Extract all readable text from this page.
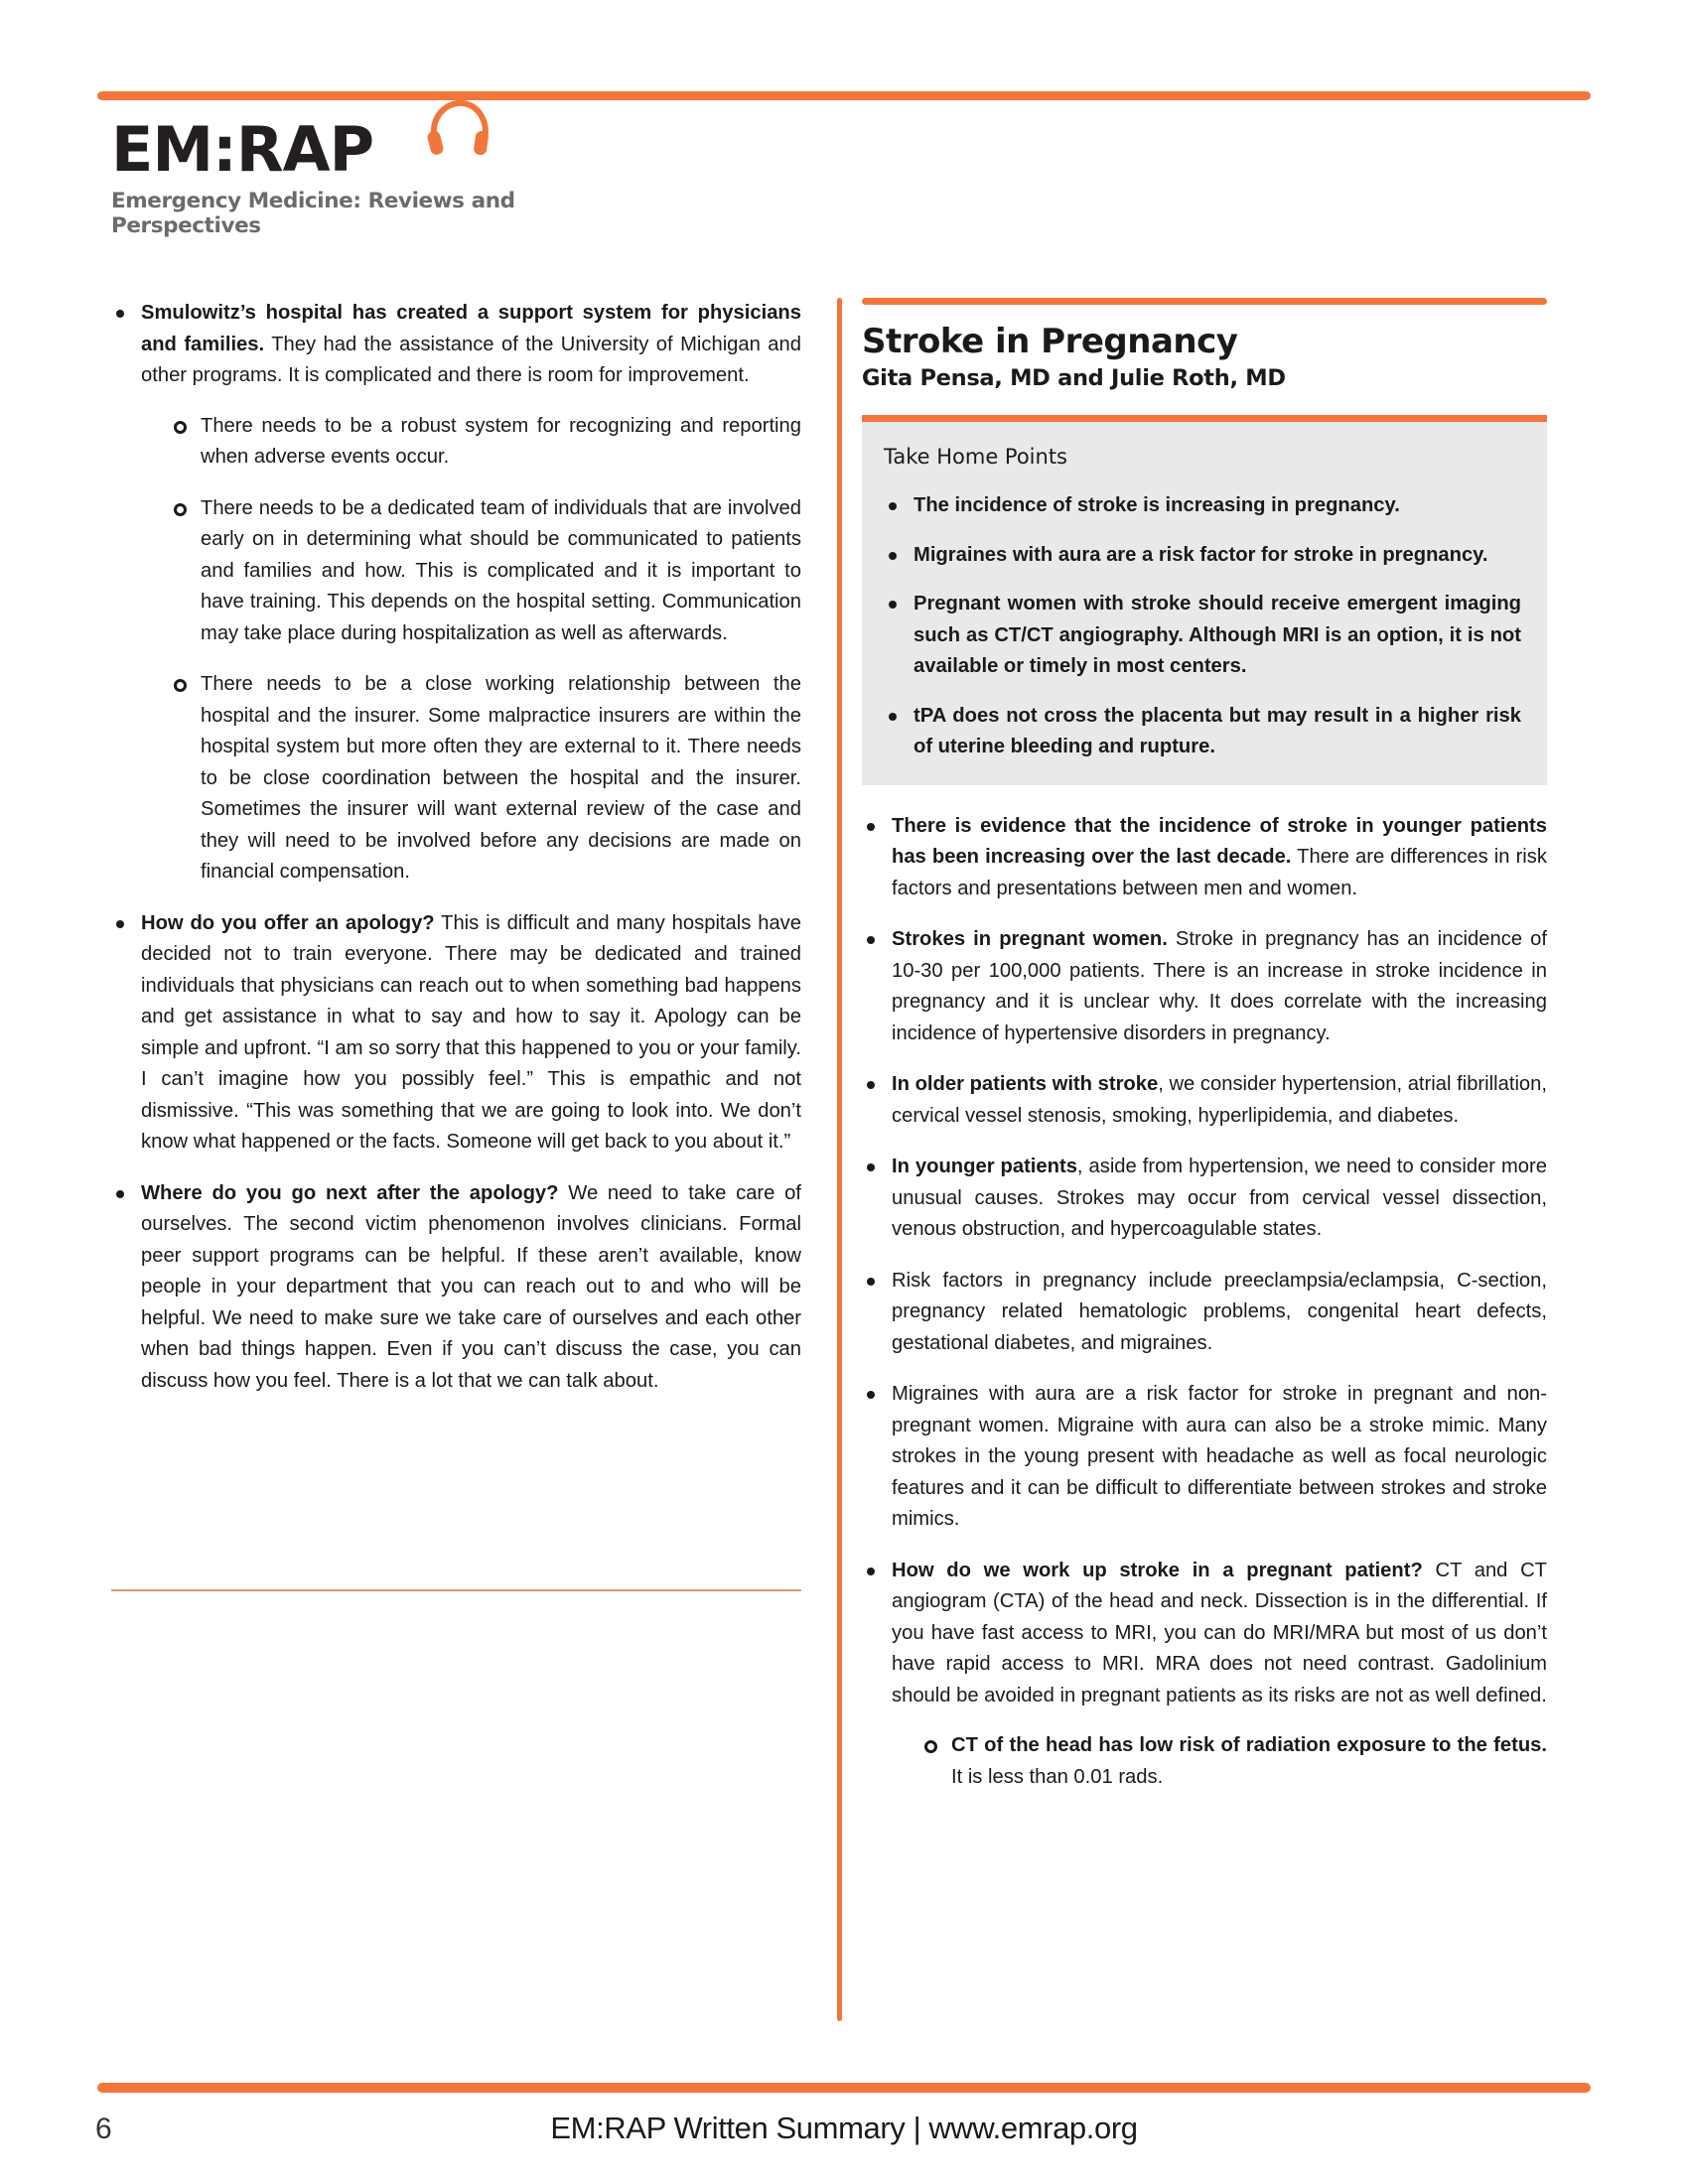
EM:RAP
Emergency Medicine: Reviews and Perspectives
Smulowitz’s hospital has created a support system for physicians and families. They had the assistance of the University of Michigan and other programs. It is complicated and there is room for improvement.
There needs to be a robust system for recognizing and reporting when adverse events occur.
There needs to be a dedicated team of individuals that are involved early on in determining what should be communicated to patients and families and how. This is complicated and it is important to have training. This depends on the hospital setting. Communication may take place during hospitalization as well as afterwards.
There needs to be a close working relationship between the hospital and the insurer. Some malpractice insurers are within the hospital system but more often they are external to it. There needs to be close coordination between the hospital and the insurer. Sometimes the insurer will want external review of the case and they will need to be involved before any decisions are made on financial compensation.
How do you offer an apology? This is difficult and many hospitals have decided not to train everyone. There may be dedicated and trained individuals that physicians can reach out to when something bad happens and get assistance in what to say and how to say it. Apology can be simple and upfront. “I am so sorry that this happened to you or your family. I can’t imagine how you possibly feel.” This is empathic and not dismissive. “This was something that we are going to look into. We don’t know what happened or the facts. Someone will get back to you about it.”
Where do you go next after the apology? We need to take care of ourselves. The second victim phenomenon involves clinicians. Formal peer support programs can be helpful. If these aren’t available, know people in your department that you can reach out to and who will be helpful. We need to make sure we take care of ourselves and each other when bad things happen. Even if you can’t discuss the case, you can discuss how you feel. There is a lot that we can talk about.
Stroke in Pregnancy
Gita Pensa, MD and Julie Roth, MD
Take Home Points
The incidence of stroke is increasing in pregnancy.
Migraines with aura are a risk factor for stroke in pregnancy.
Pregnant women with stroke should receive emergent imaging such as CT/CT angiography. Although MRI is an option, it is not available or timely in most centers.
tPA does not cross the placenta but may result in a higher risk of uterine bleeding and rupture.
There is evidence that the incidence of stroke in younger patients has been increasing over the last decade. There are differences in risk factors and presentations between men and women.
Strokes in pregnant women. Stroke in pregnancy has an incidence of 10-30 per 100,000 patients. There is an increase in stroke incidence in pregnancy and it is unclear why. It does correlate with the increasing incidence of hypertensive disorders in pregnancy.
In older patients with stroke, we consider hypertension, atrial fibrillation, cervical vessel stenosis, smoking, hyperlipidemia, and diabetes.
In younger patients, aside from hypertension, we need to consider more unusual causes. Strokes may occur from cervical vessel dissection, venous obstruction, and hypercoagulable states.
Risk factors in pregnancy include preeclampsia/eclampsia, C-section, pregnancy related hematologic problems, congenital heart defects, gestational diabetes, and migraines.
Migraines with aura are a risk factor for stroke in pregnant and non-pregnant women. Migraine with aura can also be a stroke mimic. Many strokes in the young present with headache as well as focal neurologic features and it can be difficult to differentiate between strokes and stroke mimics.
How do we work up stroke in a pregnant patient? CT and CT angiogram (CTA) of the head and neck. Dissection is in the differential. If you have fast access to MRI, you can do MRI/MRA but most of us don’t have rapid access to MRI. MRA does not need contrast. Gadolinium should be avoided in pregnant patients as its risks are not as well defined.
CT of the head has low risk of radiation exposure to the fetus. It is less than 0.01 rads.
6	EM:RAP Written Summary | www.emrap.org
